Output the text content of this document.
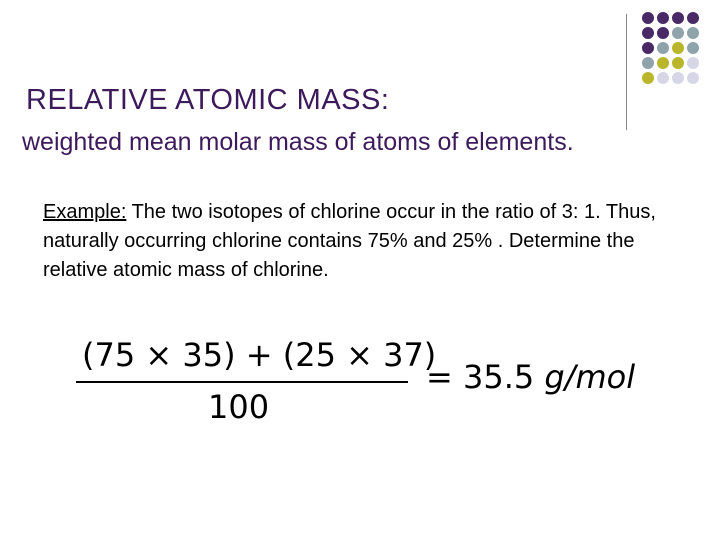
RELATIVE ATOMIC MASS:
weighted mean molar mass of atoms of elements.
Example: The two isotopes of chlorine occur in the ratio of 3: 1. Thus, naturally occurring chlorine contains 75% and 25% . Determine the relative atomic mass of chlorine.
(75 × 35) + (25 × 37)
100
= 35.5 g/mol
